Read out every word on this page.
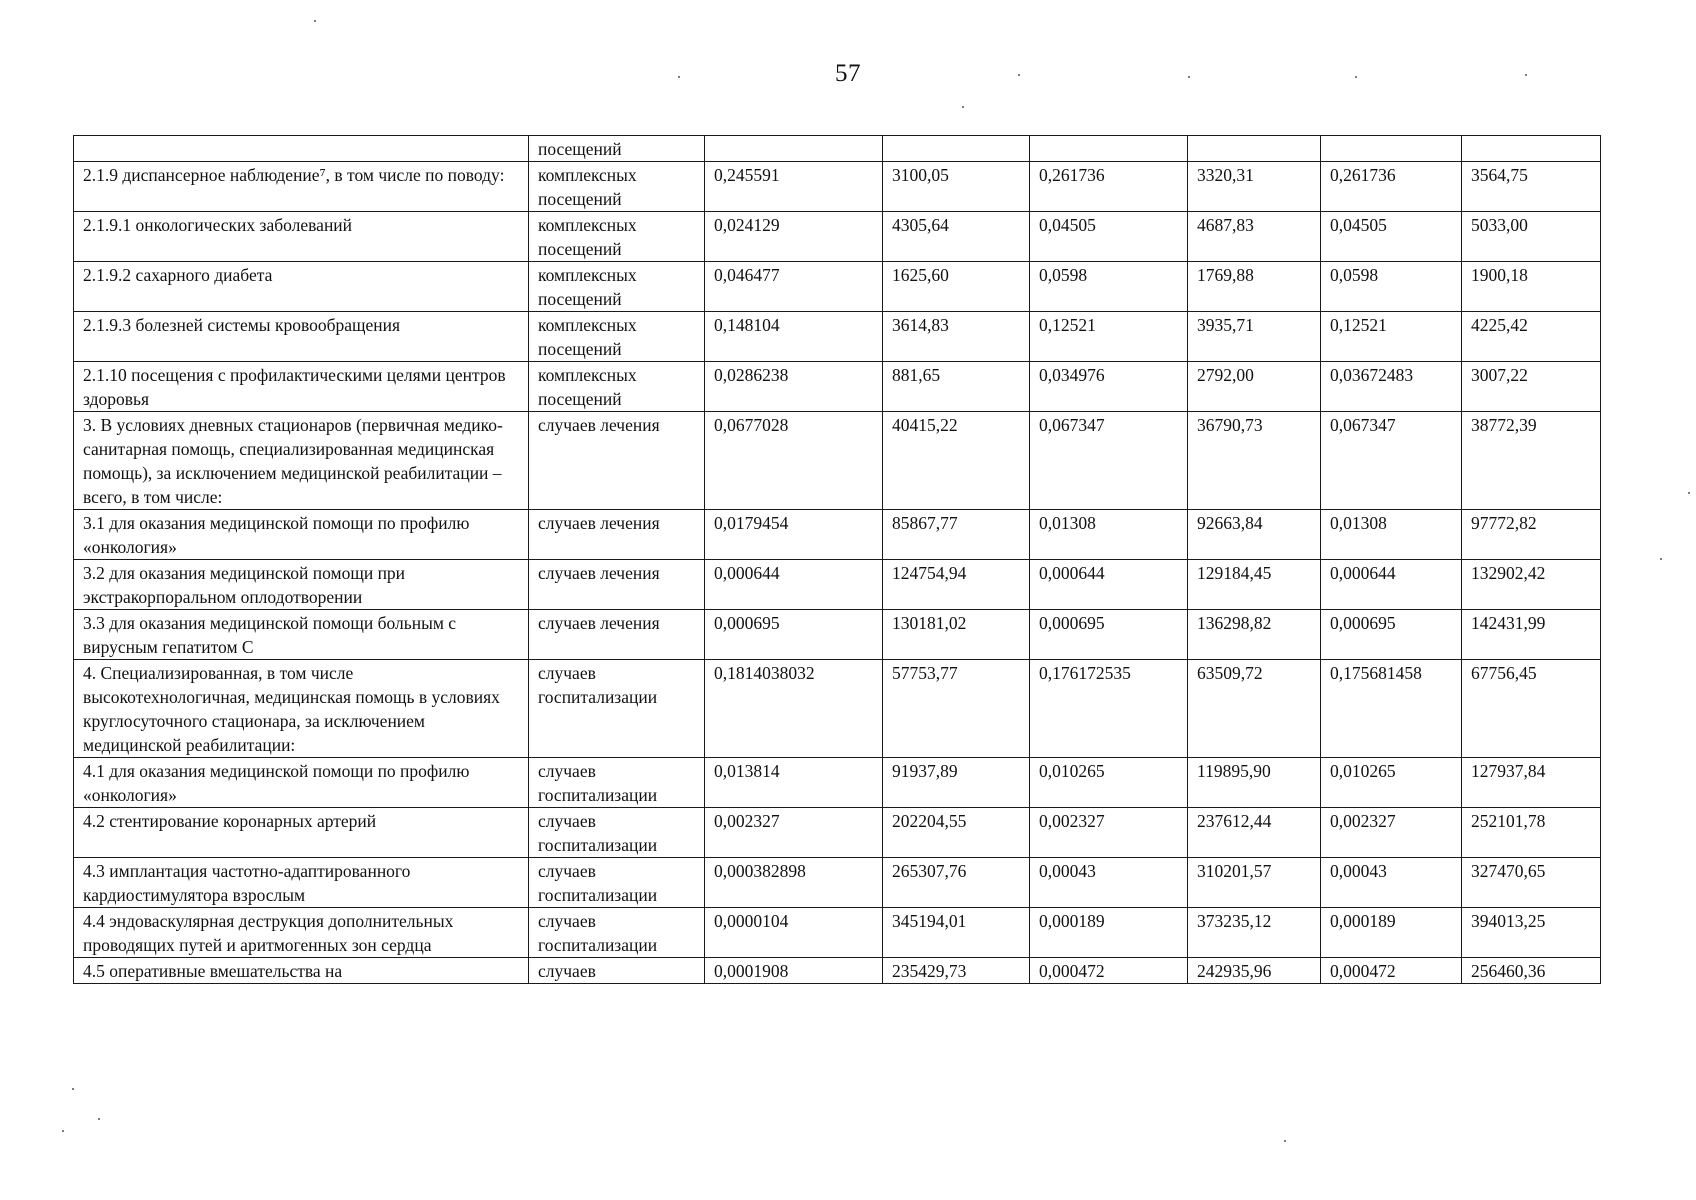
57
	посещений						
2.1.9 диспансерное наблюдение⁷, в том числе по поводу:	комплексных посещений	0,245591	3100,05	0,261736	3320,31	0,261736	3564,75
2.1.9.1 онкологических заболеваний	комплексных посещений	0,024129	4305,64	0,04505	4687,83	0,04505	5033,00
2.1.9.2 сахарного диабета	комплексных посещений	0,046477	1625,60	0,0598	1769,88	0,0598	1900,18
2.1.9.3 болезней системы кровообращения	комплексных посещений	0,148104	3614,83	0,12521	3935,71	0,12521	4225,42
2.1.10 посещения с профилактическими целями центров здоровья	комплексных посещений	0,0286238	881,65	0,034976	2792,00	0,03672483	3007,22
3. В условиях дневных стационаров (первичная медико-санитарная помощь, специализированная медицинская помощь), за исключением медицинской реабилитации – всего, в том числе:	случаев лечения	0,0677028	40415,22	0,067347	36790,73	0,067347	38772,39
3.1 для оказания медицинской помощи по профилю «онкология»	случаев лечения	0,0179454	85867,77	0,01308	92663,84	0,01308	97772,82
3.2 для оказания медицинской помощи при экстракорпоральном оплодотворении	случаев лечения	0,000644	124754,94	0,000644	129184,45	0,000644	132902,42
3.3 для оказания медицинской помощи больным с вирусным гепатитом С	случаев лечения	0,000695	130181,02	0,000695	136298,82	0,000695	142431,99
4. Специализированная, в том числе высокотехнологичная, медицинская помощь в условиях круглосуточного стационара, за исключением медицинской реабилитации:	случаев госпитализации	0,1814038032	57753,77	0,176172535	63509,72	0,175681458	67756,45
4.1 для оказания медицинской помощи по профилю «онкология»	случаев госпитализации	0,013814	91937,89	0,010265	119895,90	0,010265	127937,84
4.2 стентирование коронарных артерий	случаев госпитализации	0,002327	202204,55	0,002327	237612,44	0,002327	252101,78
4.3 имплантация частотно-адаптированного кардиостимулятора взрослым	случаев госпитализации	0,000382898	265307,76	0,00043	310201,57	0,00043	327470,65
4.4 эндоваскулярная деструкция дополнительных проводящих путей и аритмогенных зон сердца	случаев госпитализации	0,0000104	345194,01	0,000189	373235,12	0,000189	394013,25
4.5 оперативные вмешательства на	случаев	0,0001908	235429,73	0,000472	242935,96	0,000472	256460,36
